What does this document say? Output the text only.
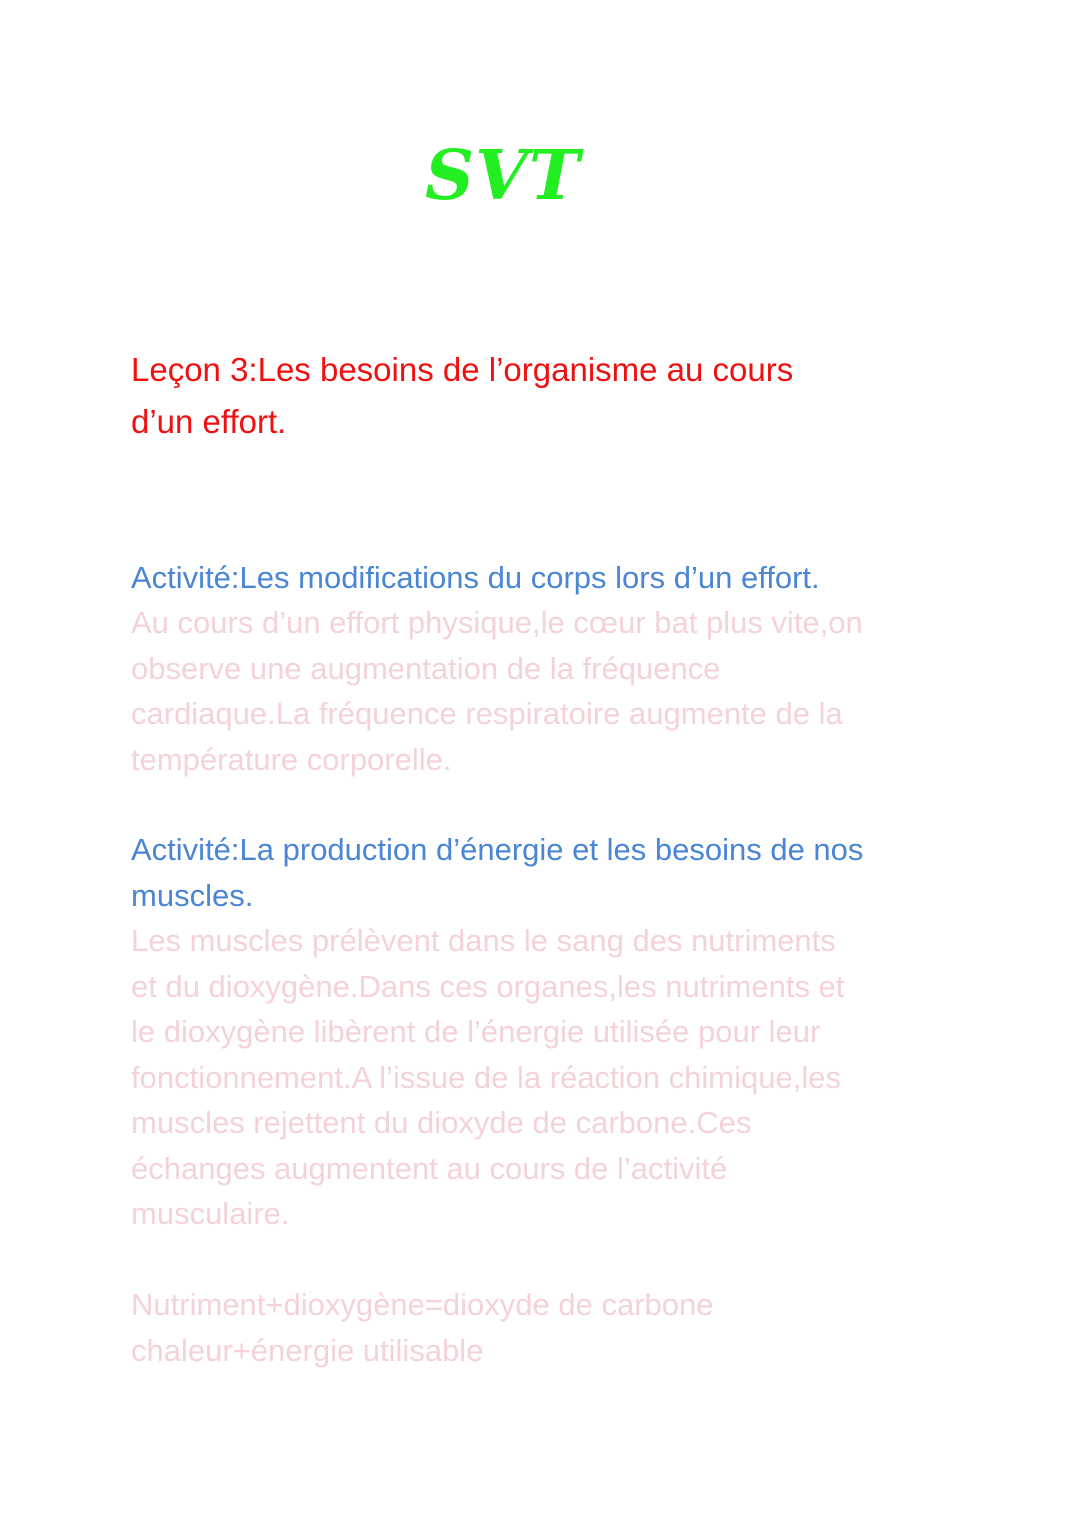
SVT

Leçon 3:Les besoins de l’organisme au cours
d’un effort.

Activité:Les modifications du corps lors d’un effort.

Au cours d’un effort physique,le cœur bat plus vite,on
observe une augmentation de la fréquence
cardiaque.La fréquence respiratoire augmente de la
température corporelle.

Activité:La production d’énergie et les besoins de nos
muscles.

Les muscles prélèvent dans le sang des nutriments
et du dioxygène.Dans ces organes,les nutriments et
le dioxygène libèrent de l’énergie utilisée pour leur
fonctionnement.A l’issue de la réaction chimique,les
muscles rejettent du dioxyde de carbone.Ces
échanges augmentent au cours de l’activité
musculaire.

Nutriment+dioxygène=dioxyde de carbone
chaleur+énergie utilisable
